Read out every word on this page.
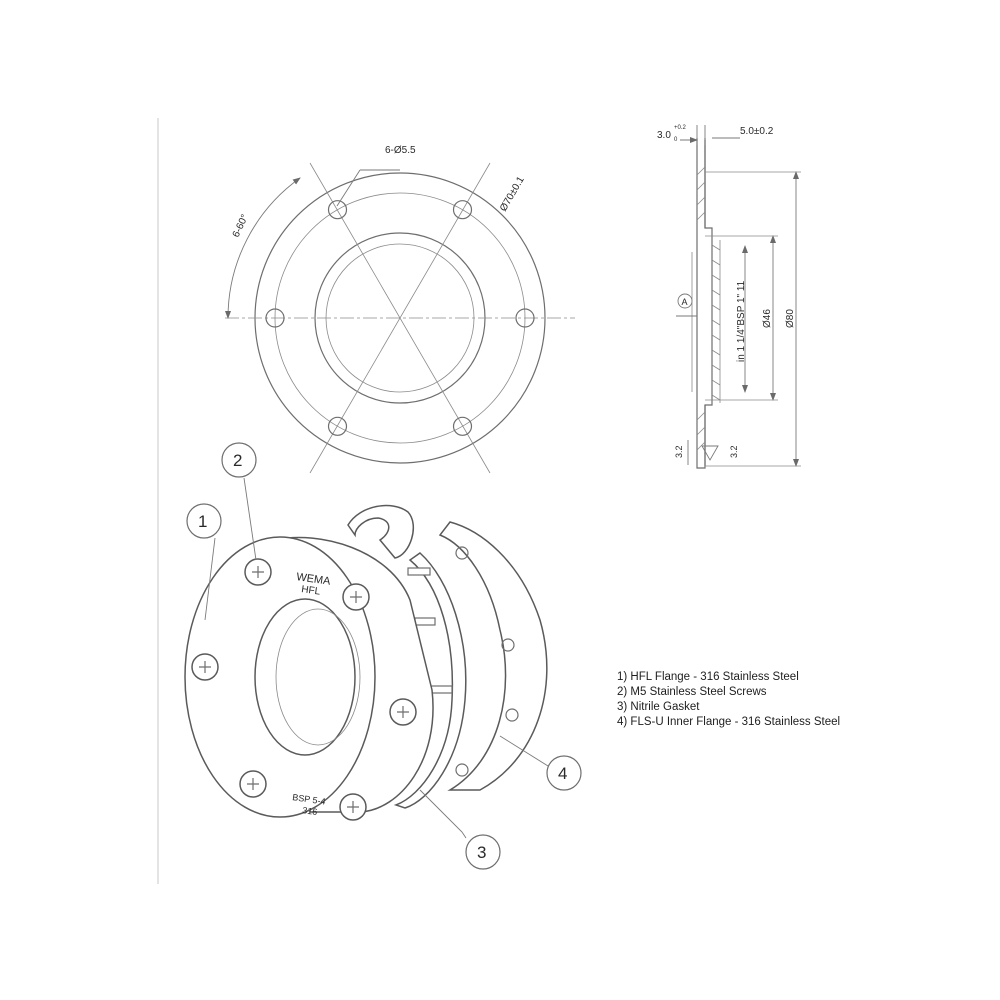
6-60°
6-Ø5.5
Ø70±0.1
3.0
+0.2
0
5.0±0.2
A	in 1 1/4"BSP 1" 11 Ø46 Ø80
3.2	3.2
WEMA
HFL
BSP 5-4
316
1
2
3
4
1) HFL Flange - 316 Stainless Steel
2) M5 Stainless Steel Screws
3) Nitrile Gasket
4) FLS-U Inner Flange - 316 Stainless Steel
